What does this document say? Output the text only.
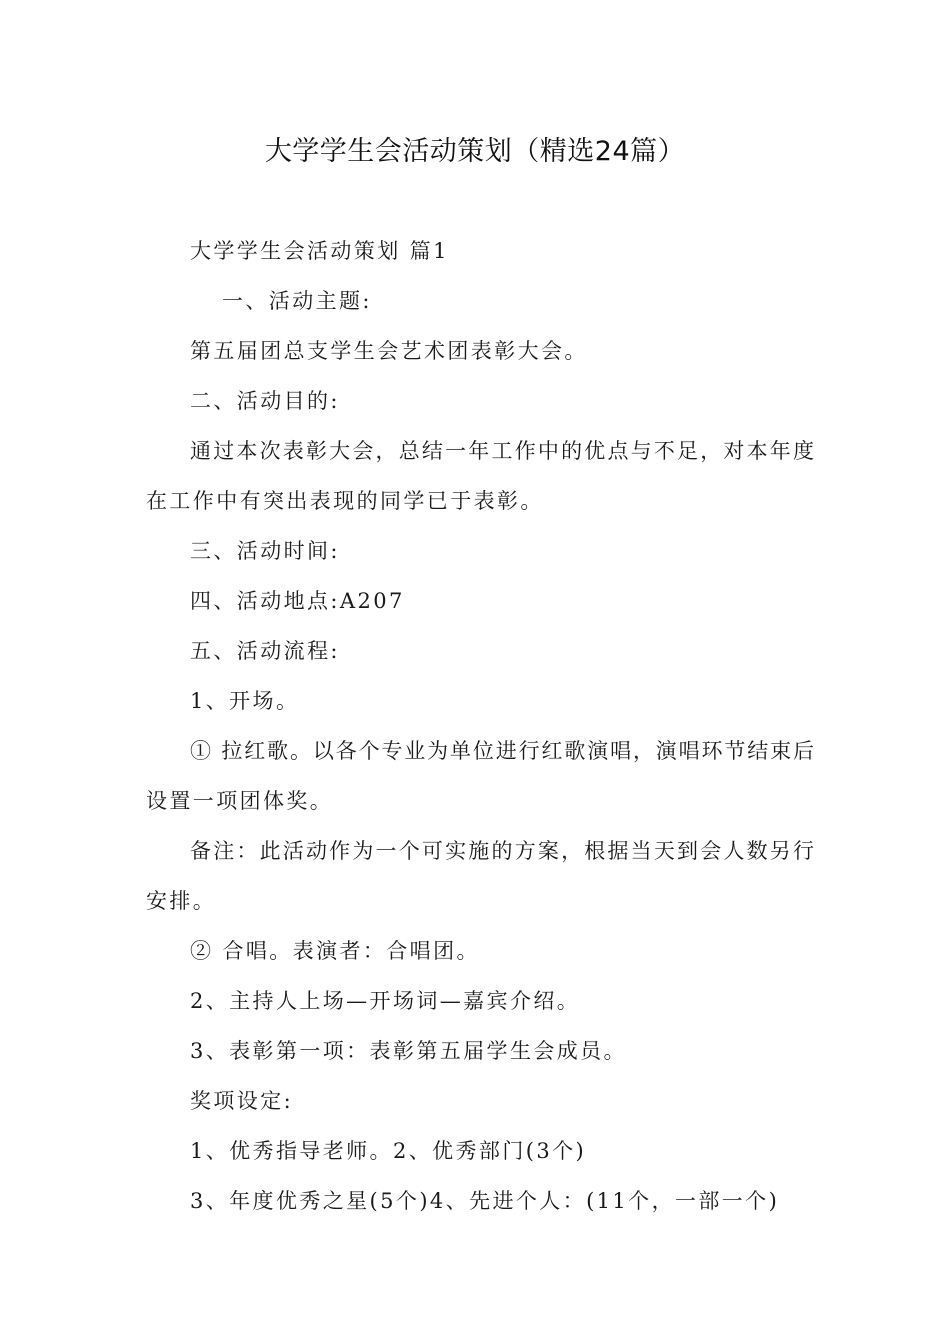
大学学生会活动策划（精选24篇）
大学学生会活动策划 篇1
一、活动主题:
第五届团总支学生会艺术团表彰大会。
二、活动目的:
通过本次表彰大会，总结一年工作中的优点与不足，对本年度
在工作中有突出表现的同学已于表彰。
三、活动时间:
四、活动地点:A207
五、活动流程:
1、开场。
① 拉红歌。以各个专业为单位进行红歌演唱，演唱环节结束后
设置一项团体奖。
备注：此活动作为一个可实施的方案，根据当天到会人数另行
安排。
② 合唱。表演者：合唱团。
2、主持人上场—开场词—嘉宾介绍。
3、表彰第一项：表彰第五届学生会成员。
奖项设定:
1、优秀指导老师。2、优秀部门(3个)
3、年度优秀之星(5个)4、先进个人：(11个，一部一个)
